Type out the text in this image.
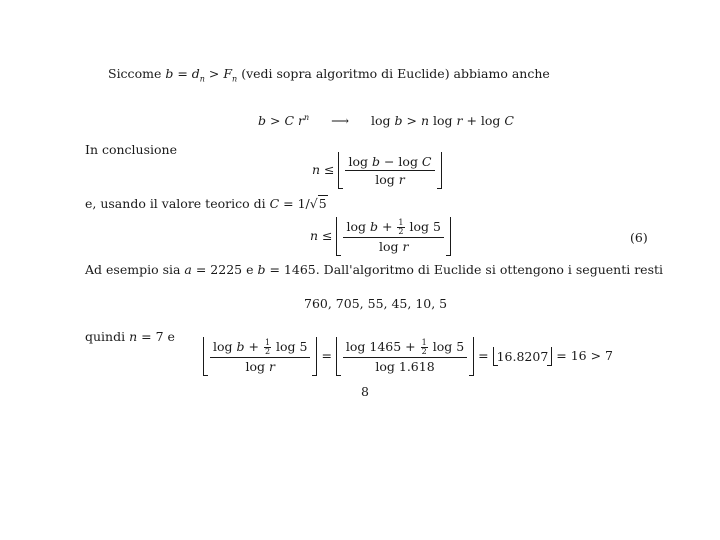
Siccome $b = d_n > F_n$ (vedi sopra algoritmo di Euclide) abbiamo anche
b > C $r^n$ ⟶ log b > n log r + log C
In conclusione
$n \le \frac{\text{log b − log C}}{\text{log r}}$
e, usando il valore teorico di C = 1/√5
$n \le \frac{\log b + \frac{1}{2} \log 5}{\text{log r}}$	(6)
Ad esempio sia a = 2225 e b = 1465. Dall'algoritmo di Euclide si ottengono i seguenti resti
760, 705, 55, 45, 10, 5
quindi n = 7 e
$\frac{\log b + \frac{1}{2} \log 5}{\text{log r}} = \frac{\log 1465 + \frac{1}{2} \log 5}{\log 1.618} = 16.8207 = 16 > 7$
8
